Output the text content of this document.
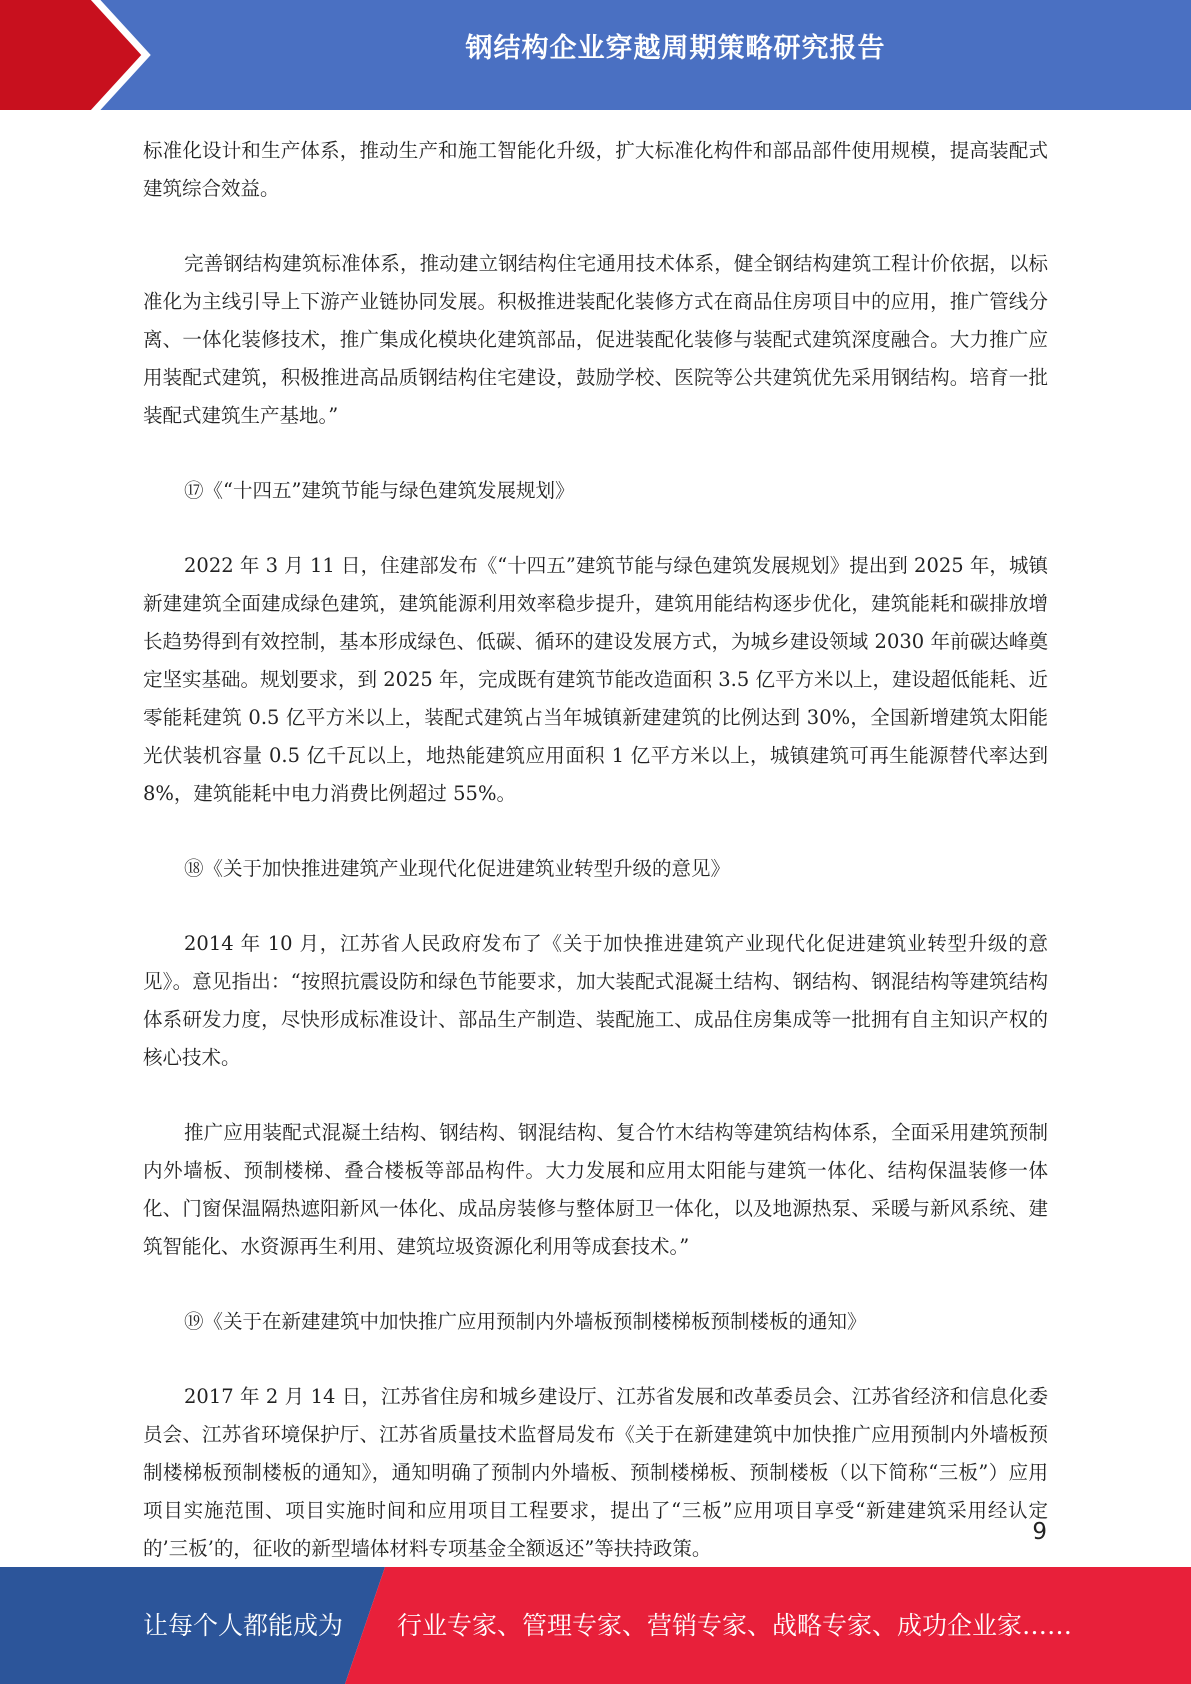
钢结构企业穿越周期策略研究报告

标准化设计和生产体系，推动生产和施工智能化升级，扩大标准化构件和部品部件使用规模，提高装配式建筑综合效益。

完善钢结构建筑标准体系，推动建立钢结构住宅通用技术体系，健全钢结构建筑工程计价依据，以标准化为主线引导上下游产业链协同发展。积极推进装配化装修方式在商品住房项目中的应用，推广管线分离、一体化装修技术，推广集成化模块化建筑部品，促进装配化装修与装配式建筑深度融合。大力推广应用装配式建筑，积极推进高品质钢结构住宅建设，鼓励学校、医院等公共建筑优先采用钢结构。培育一批装配式建筑生产基地。”

⑰《“十四五”建筑节能与绿色建筑发展规划》

2022 年 3 月 11 日，住建部发布《“十四五”建筑节能与绿色建筑发展规划》提出到 2025 年，城镇新建建筑全面建成绿色建筑，建筑能源利用效率稳步提升，建筑用能结构逐步优化，建筑能耗和碳排放增长趋势得到有效控制，基本形成绿色、低碳、循环的建设发展方式，为城乡建设领域 2030 年前碳达峰奠定坚实基础。规划要求，到 2025 年，完成既有建筑节能改造面积 3.5 亿平方米以上，建设超低能耗、近零能耗建筑 0.5 亿平方米以上，装配式建筑占当年城镇新建建筑的比例达到 30%，全国新增建筑太阳能光伏装机容量 0.5 亿千瓦以上，地热能建筑应用面积 1 亿平方米以上，城镇建筑可再生能源替代率达到 8%，建筑能耗中电力消费比例超过 55%。

⑱《关于加快推进建筑产业现代化促进建筑业转型升级的意见》

2014 年 10 月，江苏省人民政府发布了《关于加快推进建筑产业现代化促进建筑业转型升级的意见》。意见指出：“按照抗震设防和绿色节能要求，加大装配式混凝土结构、钢结构、钢混结构等建筑结构体系研发力度，尽快形成标准设计、部品生产制造、装配施工、成品住房集成等一批拥有自主知识产权的核心技术。

推广应用装配式混凝土结构、钢结构、钢混结构、复合竹木结构等建筑结构体系，全面采用建筑预制内外墙板、预制楼梯、叠合楼板等部品构件。大力发展和应用太阳能与建筑一体化、结构保温装修一体化、门窗保温隔热遮阳新风一体化、成品房装修与整体厨卫一体化，以及地源热泵、采暖与新风系统、建筑智能化、水资源再生利用、建筑垃圾资源化利用等成套技术。”

⑲《关于在新建建筑中加快推广应用预制内外墙板预制楼梯板预制楼板的通知》

2017 年 2 月 14 日，江苏省住房和城乡建设厅、江苏省发展和改革委员会、江苏省经济和信息化委员会、江苏省环境保护厅、江苏省质量技术监督局发布《关于在新建建筑中加快推广应用预制内外墙板预制楼梯板预制楼板的通知》，通知明确了预制内外墙板、预制楼梯板、预制楼板（以下简称“三板”）应用项目实施范围、项目实施时间和应用项目工程要求，提出了“三板”应用项目享受“新建建筑采用经认定的’三板’的，征收的新型墙体材料专项基金全额返还”等扶持政策。

9
让每个人都能成为 行业专家、管理专家、营销专家、战略专家、成功企业家……
